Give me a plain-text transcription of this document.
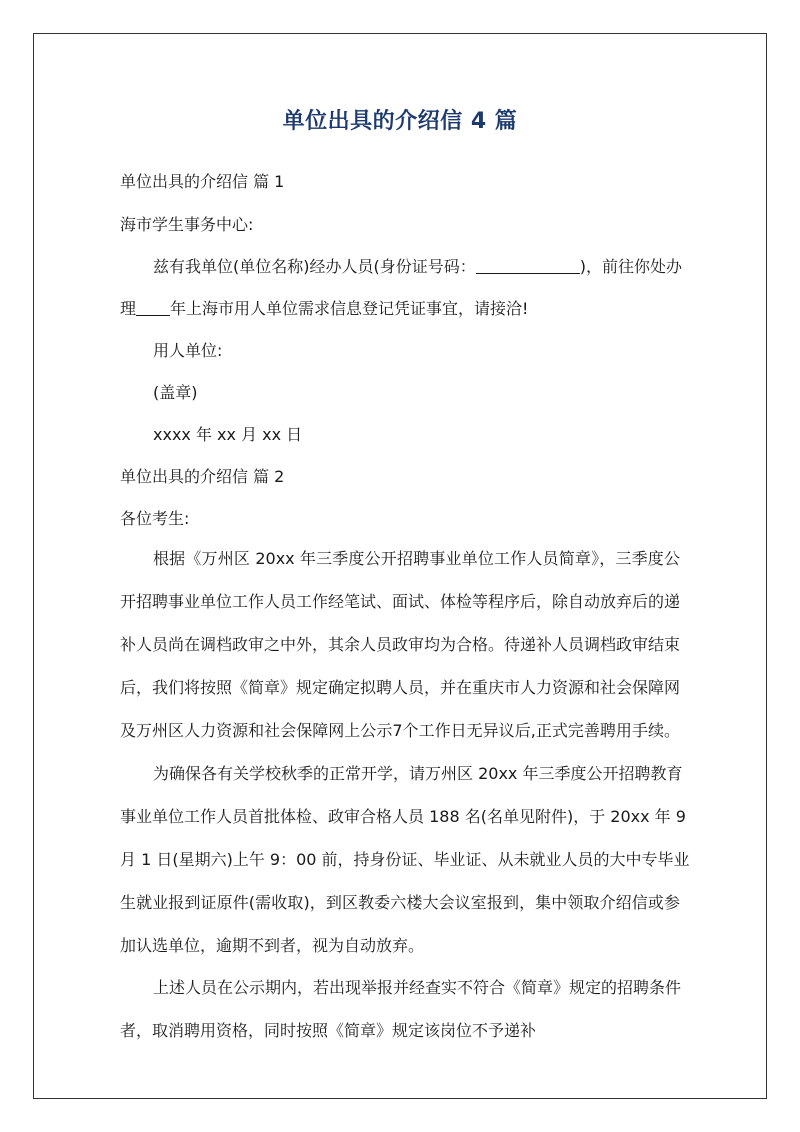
单位出具的介绍信 4 篇
单位出具的介绍信 篇 1
海市学生事务中心:
兹有我单位(单位名称)经办人员(身份证号码：	)，前往你处办
理 年上海市用人单位需求信息登记凭证事宜，请接洽!
用人单位:
(盖章)
xxxx 年 xx 月 xx 日
单位出具的介绍信 篇 2
各位考生:
根据《万州区 20xx 年三季度公开招聘事业单位工作人员简章》，三季度公
开招聘事业单位工作人员工作经笔试、面试、体检等程序后，除自动放弃后的递
补人员尚在调档政审之中外，其余人员政审均为合格。待递补人员调档政审结束
后，我们将按照《简章》规定确定拟聘人员，并在重庆市人力资源和社会保障网
及万州区人力资源和社会保障网上公示7个工作日无异议后,正式完善聘用手续。
为确保各有关学校秋季的正常开学，请万州区 20xx 年三季度公开招聘教育
事业单位工作人员首批体检、政审合格人员 188 名(名单见附件)，于 20xx 年 9
月 1 日(星期六)上午 9：00 前，持身份证、毕业证、从未就业人员的大中专毕业
生就业报到证原件(需收取)，到区教委六楼大会议室报到，集中领取介绍信或参
加认选单位，逾期不到者，视为自动放弃。
上述人员在公示期内，若出现举报并经查实不符合《简章》规定的招聘条件
者，取消聘用资格，同时按照《简章》规定该岗位不予递补
